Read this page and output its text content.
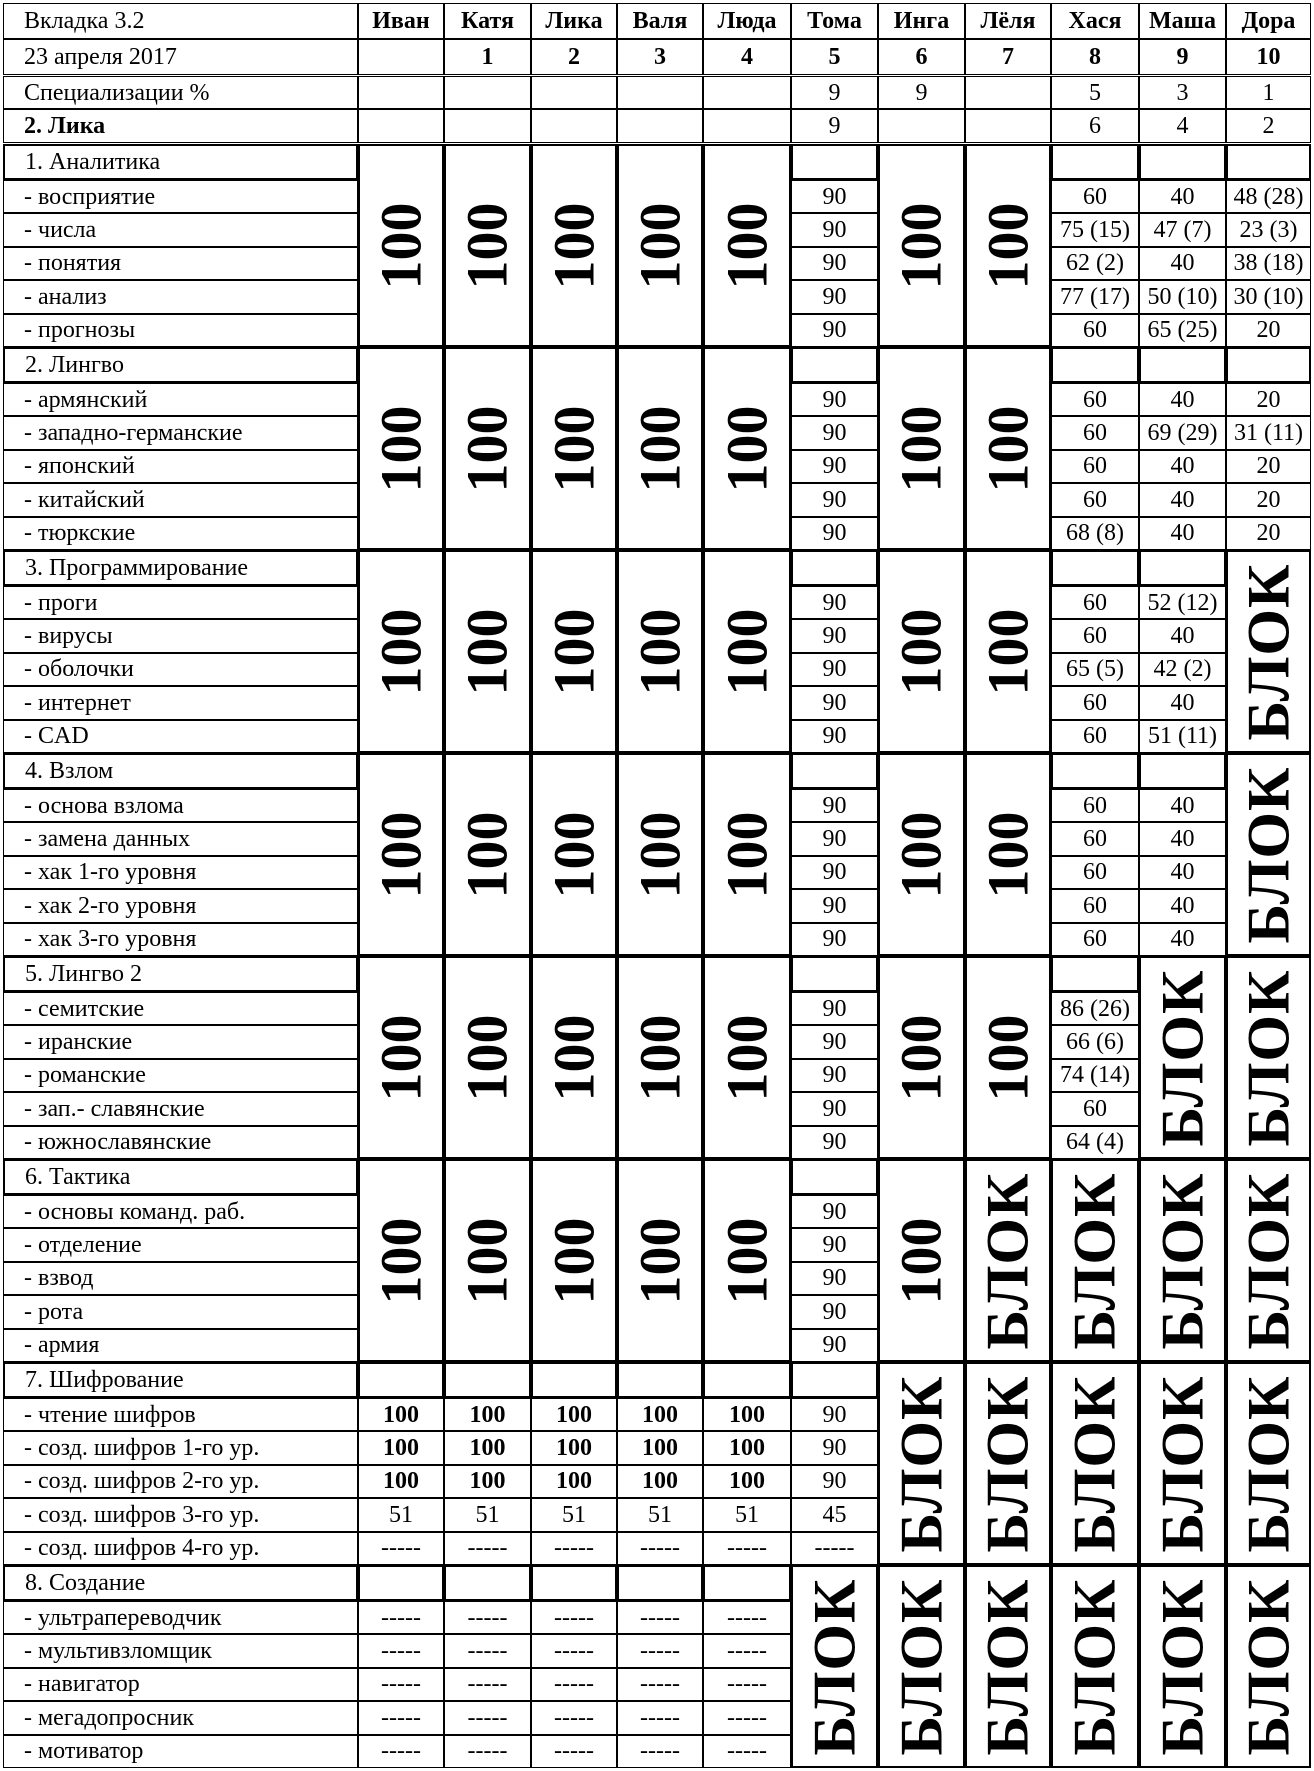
Вкладка 3.2
23 апреля 2017
Иван	Катя
1
Лика
2
Валя
3
Люда
4
Тома
5
Инга
6
Лёля
7
Хася
8
Маша
9
Дора
10
Специализации %
2. Лика
9
9
9	5
6
3
4
1
2
1. Аналитика
- восприятие
- числа
- понятия
- анализ
- прогнозы
100 100 100 100 100
90
90
90
90
90
100 100
60
75 (15)
62 (2)
77 (17)
60
40
47 (7)
40
50 (10)
65 (25)
48 (28)
23 (3)
38 (18)
30 (10)
20
2. Лингво
- армянский
- западно-германские
- японский
- китайский
- тюркские
100 100 100 100 100
90
90
90
90
90
100 100
60
60
60
60
68 (8)
40
69 (29)
40
40
40
20
31 (11)
20
20
20
3. Программирование
- проги
- вирусы
- оболочки
- интернет
- CAD
100 100 100 100 100
90
90
90
90
90
100 100
60
60
65 (5)
60
60
52 (12)
40
42 (2)
40
51 (11) БЛОК
4. Взлом
- основа взлома
- замена данных
- хак 1-го уровня
- хак 2-го уровня
- хак 3-го уровня
100 100 100 100 100
90
90
90
90
90
100 100
60
60
60
60
60
40
40
40
40
40 БЛОК
5. Лингво 2
- семитские
- иранские
- романские
- зап.- славянские
- южнославянские
100 100 100 100 100
90
90
90
90
90
100 100
86 (26)
66 (6)
74 (14)
60
64 (4) БЛОК БЛОК
6. Тактика
- основы команд. раб.
- отделение
- взвод
- рота
- армия
100 100 100 100 100
90
90
90
90
90
100 БЛОК БЛОК БЛОК БЛОК
7. Шифрование
- чтение шифров
- созд. шифров 1-го ур.
- созд. шифров 2-го ур.
- созд. шифров 3-го ур.
- созд. шифров 4-го ур.
100
100
100
51
-----
100
100
100
51
-----
100
100
100
51
-----
100
100
100
51
-----
100
100
100
51
-----
90
90
90
45
----- БЛОК БЛОК БЛОК БЛОК БЛОК
8. Создание
- ультрапереводчик
- мультивзломщик
- навигатор
- мегадопросник
- мотиватор
-----
-----
-----
-----
-----
-----
-----
-----
-----
-----
-----
-----
-----
-----
-----
-----
-----
-----
-----
-----
-----
-----
-----
-----
----- БЛОК БЛОК БЛОК БЛОК БЛОК БЛОК
